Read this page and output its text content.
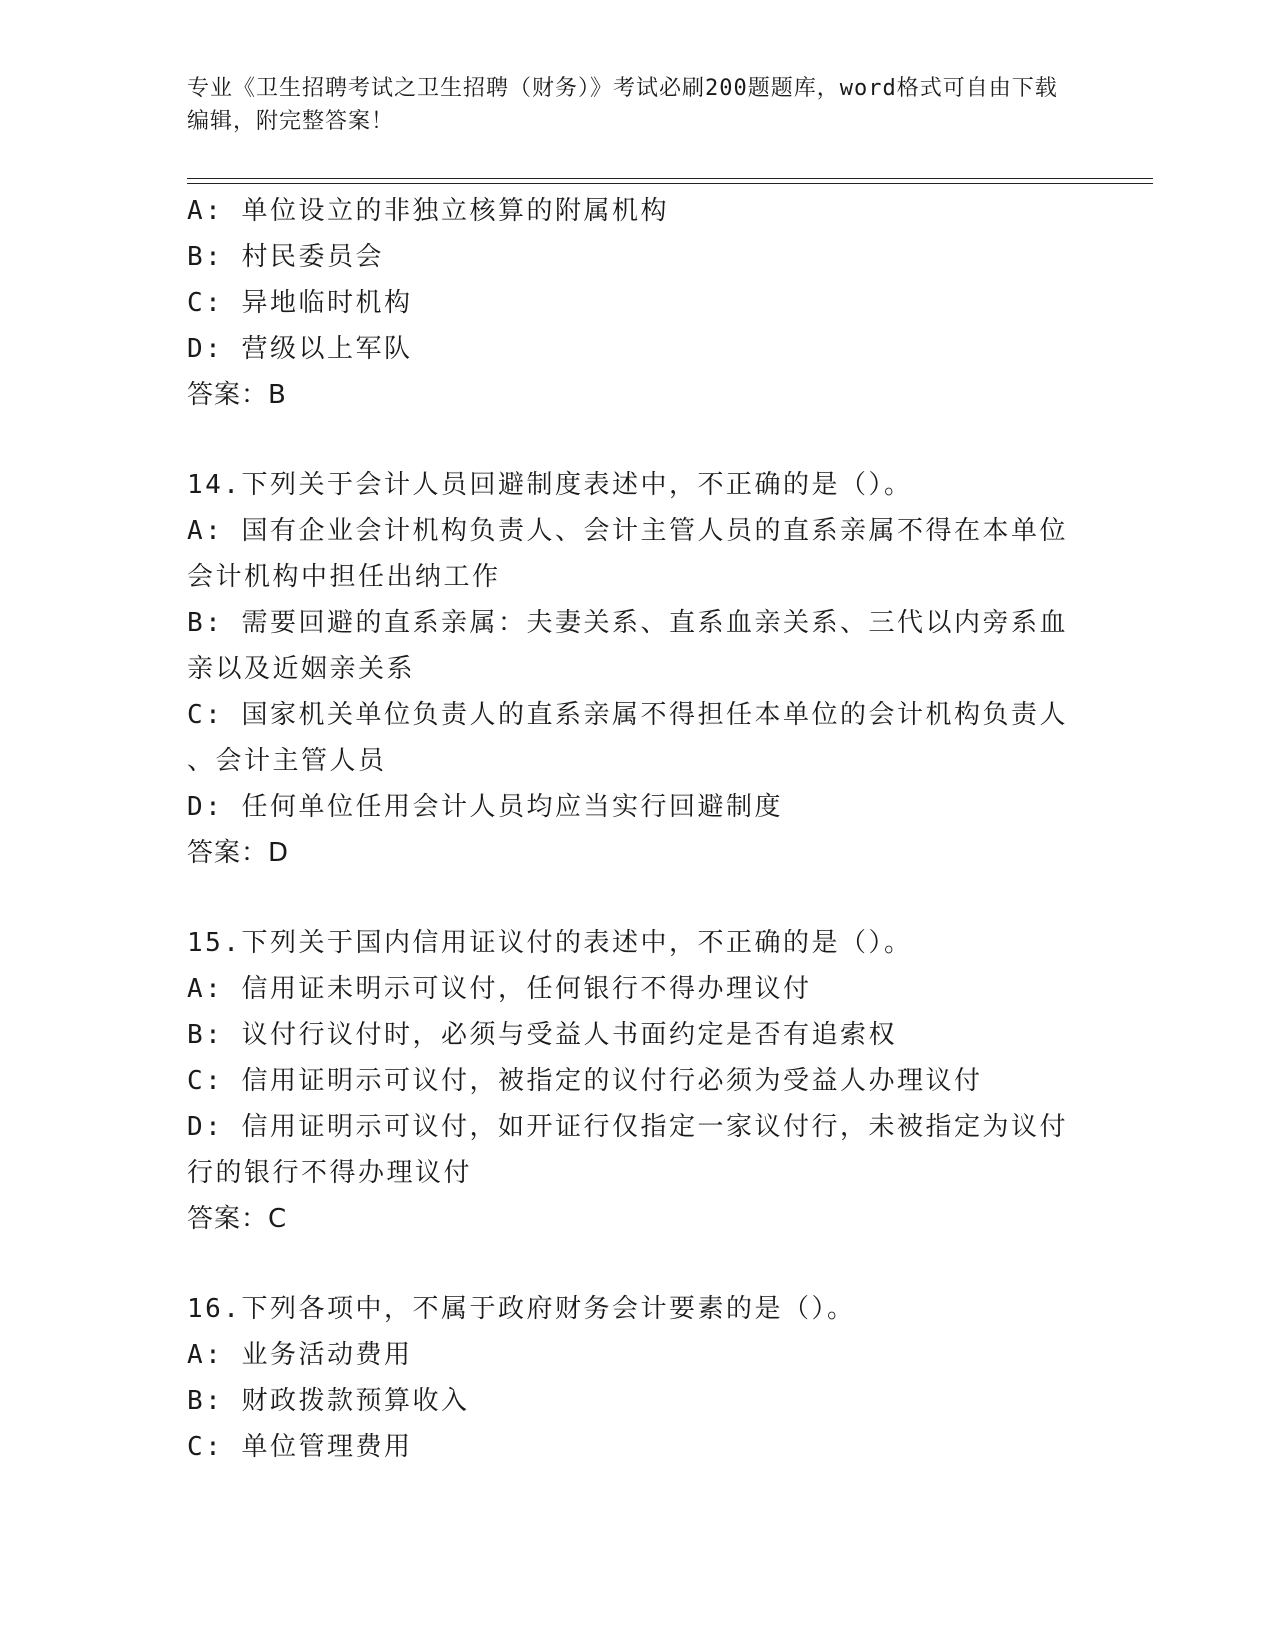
专业《卫生招聘考试之卫生招聘（财务）》考试必刷200题题库，word格式可自由下载编辑，附完整答案！
A: 单位设立的非独立核算的附属机构
B: 村民委员会
C: 异地临时机构
D: 营级以上军队
答案：B
14.下列关于会计人员回避制度表述中，不正确的是（）。
A: 国有企业会计机构负责人、会计主管人员的直系亲属不得在本单位
会计机构中担任出纳工作
B: 需要回避的直系亲属：夫妻关系、直系血亲关系、三代以内旁系血
亲以及近姻亲关系
C: 国家机关单位负责人的直系亲属不得担任本单位的会计机构负责人
、会计主管人员
D: 任何单位任用会计人员均应当实行回避制度
答案：D
15.下列关于国内信用证议付的表述中，不正确的是（）。
A: 信用证未明示可议付，任何银行不得办理议付
B: 议付行议付时，必须与受益人书面约定是否有追索权
C: 信用证明示可议付，被指定的议付行必须为受益人办理议付
D: 信用证明示可议付，如开证行仅指定一家议付行，未被指定为议付
行的银行不得办理议付
答案：C
16.下列各项中，不属于政府财务会计要素的是（）。
A: 业务活动费用
B: 财政拨款预算收入
C: 单位管理费用
